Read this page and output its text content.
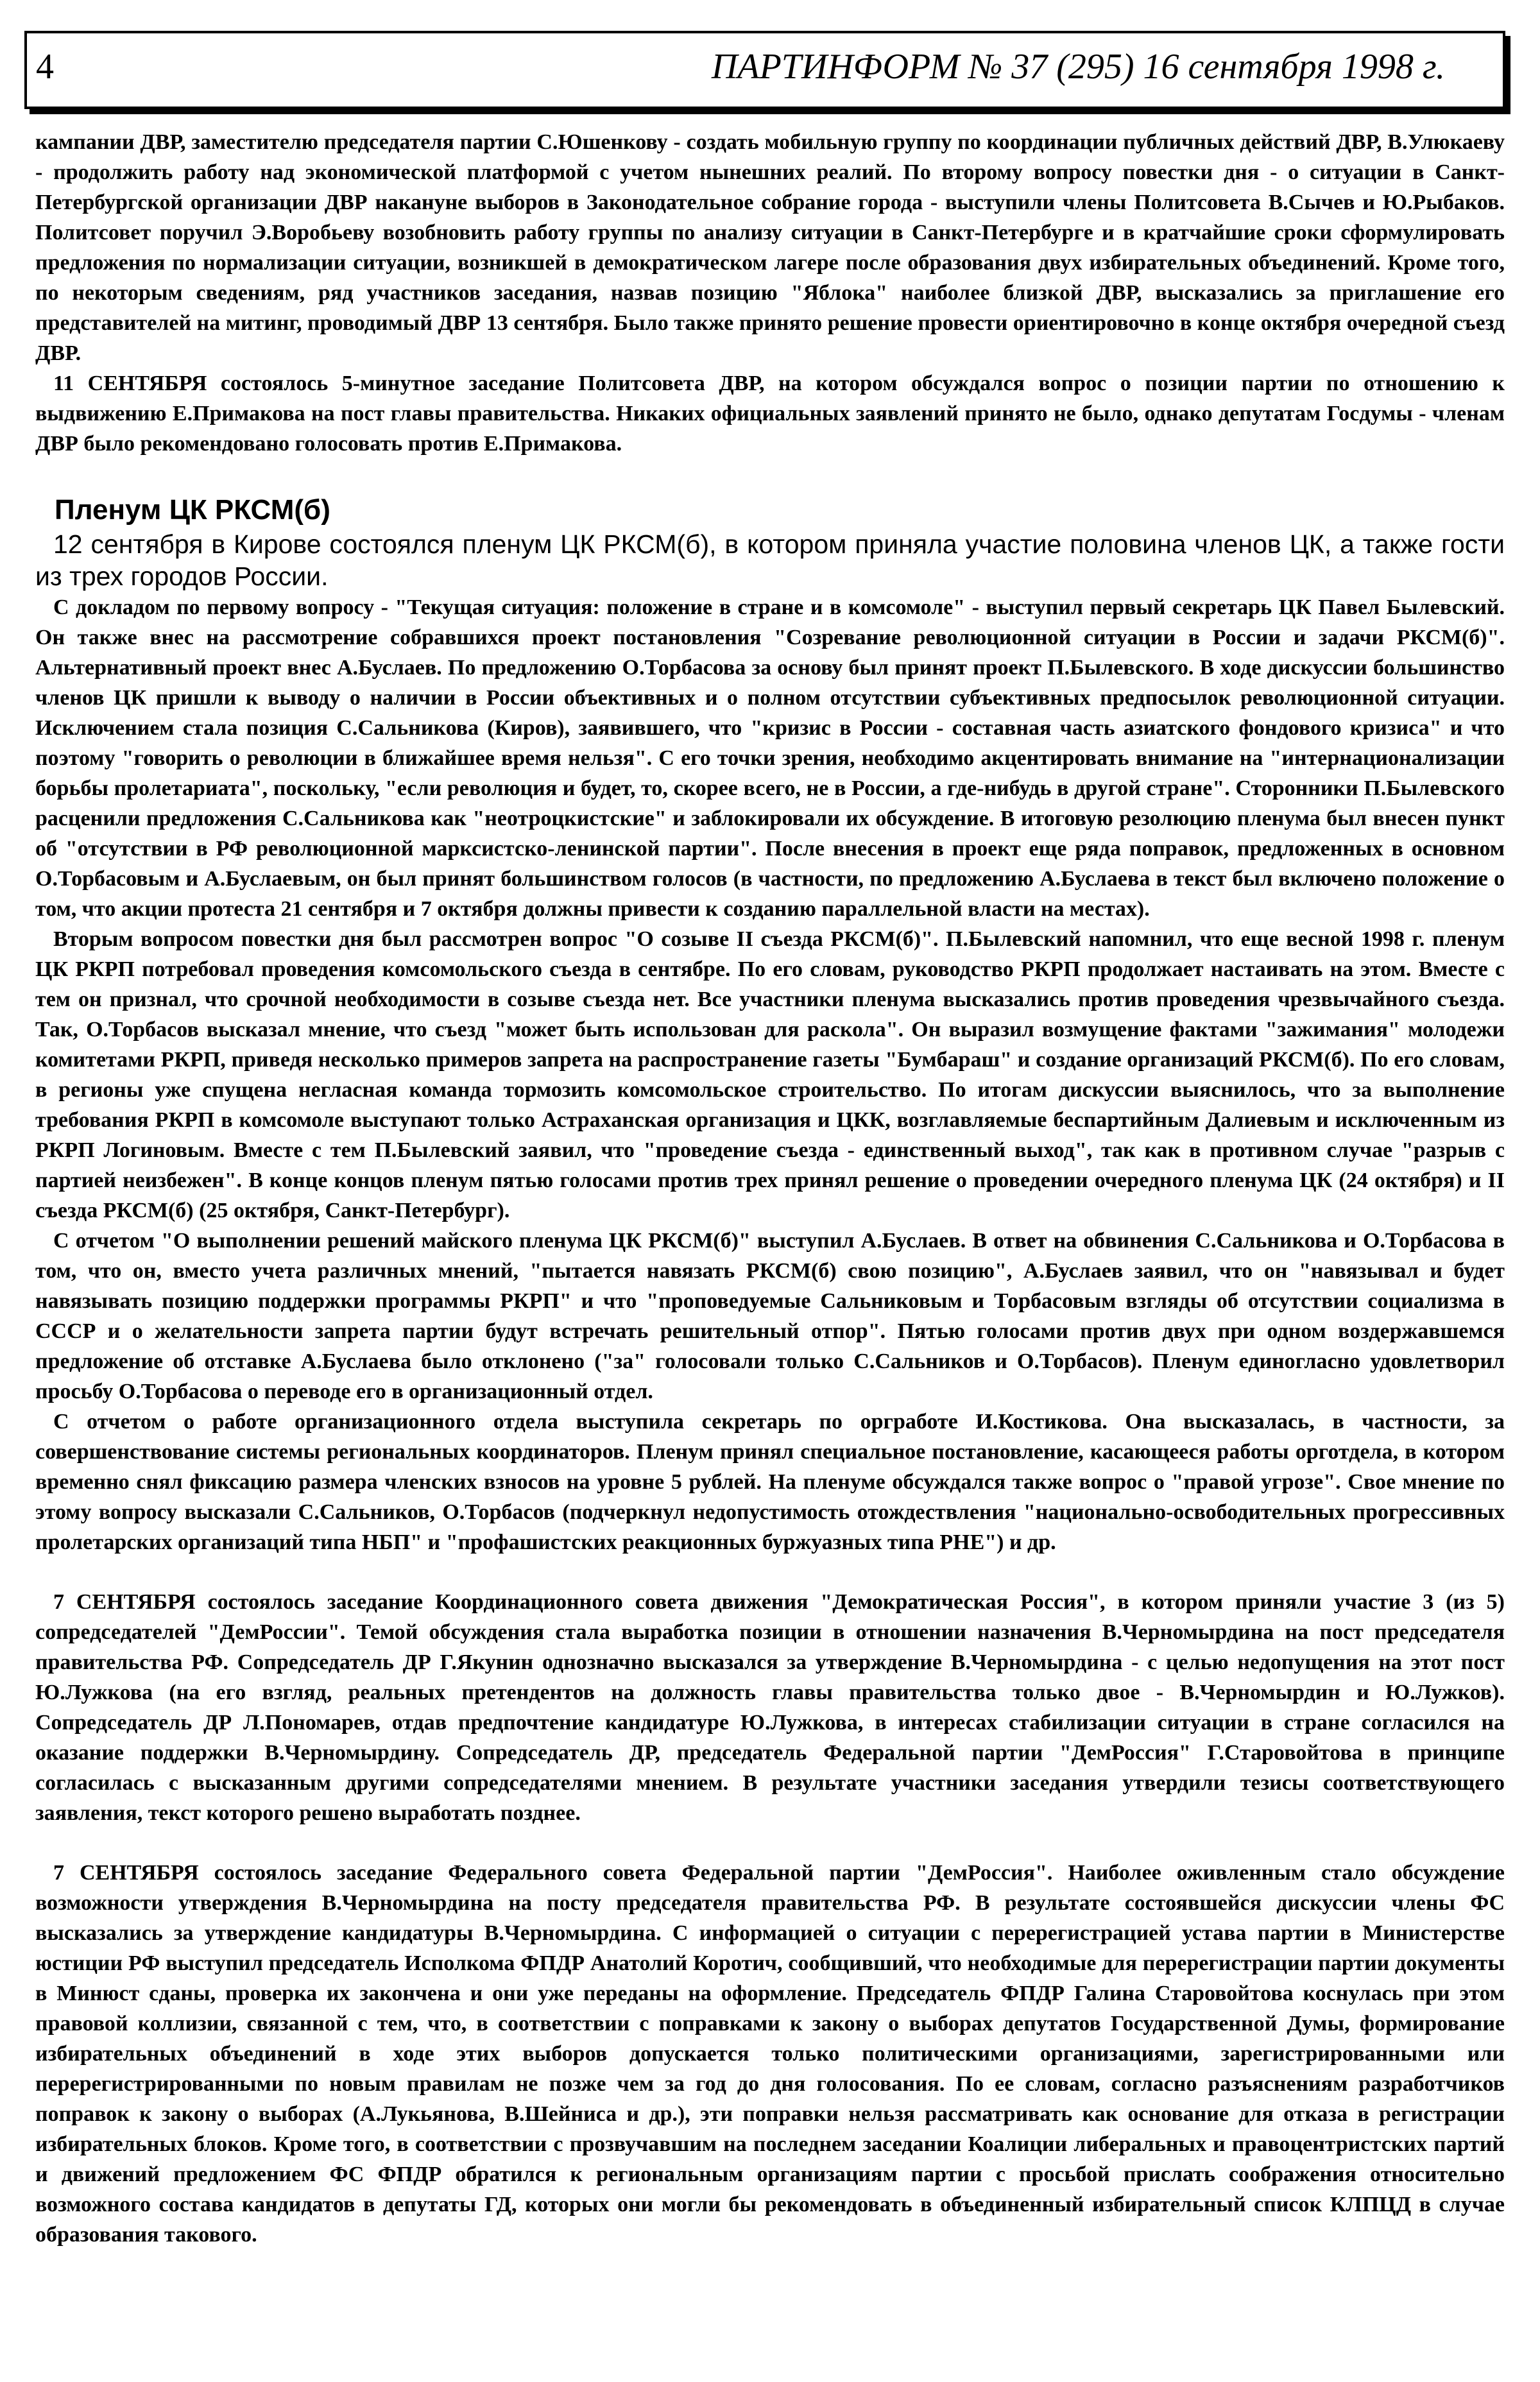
4	ПАРТИНФОРМ № 37 (295) 16 сентября 1998 г.

кампании ДВР, заместителю председателя партии С.Юшенкову - создать мобильную группу по координации публичных действий ДВР, В.Улюкаеву - продолжить работу над экономической платформой с учетом нынешних реалий. По второму вопросу повестки дня - о ситуации в Санкт-Петербургской организации ДВР накануне выборов в Законодательное собрание города - выступили члены Политсовета В.Сычев и Ю.Рыбаков. Политсовет поручил Э.Воробьеву возобновить работу группы по анализу ситуации в Санкт-Петербурге и в кратчайшие сроки сформулировать предложения по нормализации ситуации, возникшей в демократическом лагере после образования двух избирательных объединений. Кроме того, по некоторым сведениям, ряд участников заседания, назвав позицию "Яблока" наиболее близкой ДВР, высказались за приглашение его представителей на митинг, проводимый ДВР 13 сентября. Было также принято решение провести ориентировочно в конце октября очередной съезд ДВР.

11 СЕНТЯБРЯ состоялось 5-минутное заседание Политсовета ДВР, на котором обсуждался вопрос о позиции партии по отношению к выдвижению Е.Примакова на пост главы правительства. Никаких официальных заявлений принято не было, однако депутатам Госдумы - членам ДВР было рекомендовано голосовать против Е.Примакова.

Пленум ЦК РКСМ(б)

12 сентября в Кирове состоялся пленум ЦК РКСМ(б), в котором приняла участие половина членов ЦК, а также гости из трех городов России.

С докладом по первому вопросу - "Текущая ситуация: положение в стране и в комсомоле" - выступил первый секретарь ЦК Павел Былевский. Он также внес на рассмотрение собравшихся проект постановления "Созревание революционной ситуации в России и задачи РКСМ(б)". Альтернативный проект внес А.Буслаев. По предложению О.Торбасова за основу был принят проект П.Былевского. В ходе дискуссии большинство членов ЦК пришли к выводу о наличии в России объективных и о полном отсутствии субъективных предпосылок революционной ситуации. Исключением стала позиция С.Сальникова (Киров), заявившего, что "кризис в России - составная часть азиатского фондового кризиса" и что поэтому "говорить о революции в ближайшее время нельзя". С его точки зрения, необходимо акцентировать внимание на "интернационализации борьбы пролетариата", поскольку, "если революция и будет, то, скорее всего, не в России, а где-нибудь в другой стране". Сторонники П.Былевского расценили предложения С.Сальникова как "неотроцкистские" и заблокировали их обсуждение. В итоговую резолюцию пленума был внесен пункт об "отсутствии в РФ революционной марксистско-ленинской партии". После внесения в проект еще ряда поправок, предложенных в основном О.Торбасовым и А.Буслаевым, он был принят большинством голосов (в частности, по предложению А.Буслаева в текст был включено положение о том, что акции протеста 21 сентября и 7 октября должны привести к созданию параллельной власти на местах).

Вторым вопросом повестки дня был рассмотрен вопрос "О созыве II съезда РКСМ(б)". П.Былевский напомнил, что еще весной 1998 г. пленум ЦК РКРП потребовал проведения комсомольского съезда в сентябре. По его словам, руководство РКРП продолжает настаивать на этом. Вместе с тем он признал, что срочной необходимости в созыве съезда нет. Все участники пленума высказались против проведения чрезвычайного съезда. Так, О.Торбасов высказал мнение, что съезд "может быть использован для раскола". Он выразил возмущение фактами "зажимания" молодежи комитетами РКРП, приведя несколько примеров запрета на распространение газеты "Бумбараш" и создание организаций РКСМ(б). По его словам, в регионы уже спущена негласная команда тормозить комсомольское строительство. По итогам дискуссии выяснилось, что за выполнение требования РКРП в комсомоле выступают только Астраханская организация и ЦКК, возглавляемые беспартийным Далиевым и исключенным из РКРП Логиновым. Вместе с тем П.Былевский заявил, что "проведение съезда - единственный выход", так как в противном случае "разрыв с партией неизбежен". В конце концов пленум пятью голосами против трех принял решение о проведении очередного пленума ЦК (24 октября) и II съезда РКСМ(б) (25 октября, Санкт-Петербург).

С отчетом "О выполнении решений майского пленума ЦК РКСМ(б)" выступил А.Буслаев. В ответ на обвинения С.Сальникова и О.Торбасова в том, что он, вместо учета различных мнений, "пытается навязать РКСМ(б) свою позицию", А.Буслаев заявил, что он "навязывал и будет навязывать позицию поддержки программы РКРП" и что "проповедуемые Сальниковым и Торбасовым взгляды об отсутствии социализма в СССР и о желательности запрета партии будут встречать решительный отпор". Пятью голосами против двух при одном воздержавшемся предложение об отставке А.Буслаева было отклонено ("за" голосовали только С.Сальников и О.Торбасов). Пленум единогласно удовлетворил просьбу О.Торбасова о переводе его в организационный отдел.

С отчетом о работе организационного отдела выступила секретарь по оргработе И.Костикова. Она высказалась, в частности, за совершенствование системы региональных координаторов. Пленум принял специальное постановление, касающееся работы орготдела, в котором временно снял фиксацию размера членских взносов на уровне 5 рублей. На пленуме обсуждался также вопрос о "правой угрозе". Свое мнение по этому вопросу высказали С.Сальников, О.Торбасов (подчеркнул недопустимость отождествления "национально-освободительных прогрессивных пролетарских организаций типа НБП" и "профашистских реакционных буржуазных типа РНЕ") и др.

7 СЕНТЯБРЯ состоялось заседание Координационного совета движения "Демократическая Россия", в котором приняли участие 3 (из 5) сопредседателей "ДемРоссии". Темой обсуждения стала выработка позиции в отношении назначения В.Черномырдина на пост председателя правительства РФ. Сопредседатель ДР Г.Якунин однозначно высказался за утверждение В.Черномырдина - с целью недопущения на этот пост Ю.Лужкова (на его взгляд, реальных претендентов на должность главы правительства только двое - В.Черномырдин и Ю.Лужков). Сопредседатель ДР Л.Пономарев, отдав предпочтение кандидатуре Ю.Лужкова, в интересах стабилизации ситуации в стране согласился на оказание поддержки В.Черномырдину. Сопредседатель ДР, председатель Федеральной партии "ДемРоссия" Г.Старовойтова в принципе согласилась с высказанным другими сопредседателями мнением. В результате участники заседания утвердили тезисы соответствующего заявления, текст которого решено выработать позднее.

7 СЕНТЯБРЯ состоялось заседание Федерального совета Федеральной партии "ДемРоссия". Наиболее оживленным стало обсуждение возможности утверждения В.Черномырдина на посту председателя правительства РФ. В результате состоявшейся дискуссии члены ФС высказались за утверждение кандидатуры В.Черномырдина. С информацией о ситуации с перерегистрацией устава партии в Министерстве юстиции РФ выступил председатель Исполкома ФПДР Анатолий Коротич, сообщивший, что необходимые для перерегистрации партии документы в Минюст сданы, проверка их закончена и они уже переданы на оформление. Председатель ФПДР Галина Старовойтова коснулась при этом правовой коллизии, связанной с тем, что, в соответствии с поправками к закону о выборах депутатов Государственной Думы, формирование избирательных объединений в ходе этих выборов допускается только политическими организациями, зарегистрированными или перерегистрированными по новым правилам не позже чем за год до дня голосования. По ее словам, согласно разъяснениям разработчиков поправок к закону о выборах (А.Лукьянова, В.Шейниса и др.), эти поправки нельзя рассматривать как основание для отказа в регистрации избирательных блоков. Кроме того, в соответствии с прозвучавшим на последнем заседании Коалиции либеральных и правоцентристских партий и движений предложением ФС ФПДР обратился к региональным организациям партии с просьбой прислать соображения относительно возможного состава кандидатов в депутаты ГД, которых они могли бы рекомендовать в объединенный избирательный список КЛПЦД в случае образования такового.
